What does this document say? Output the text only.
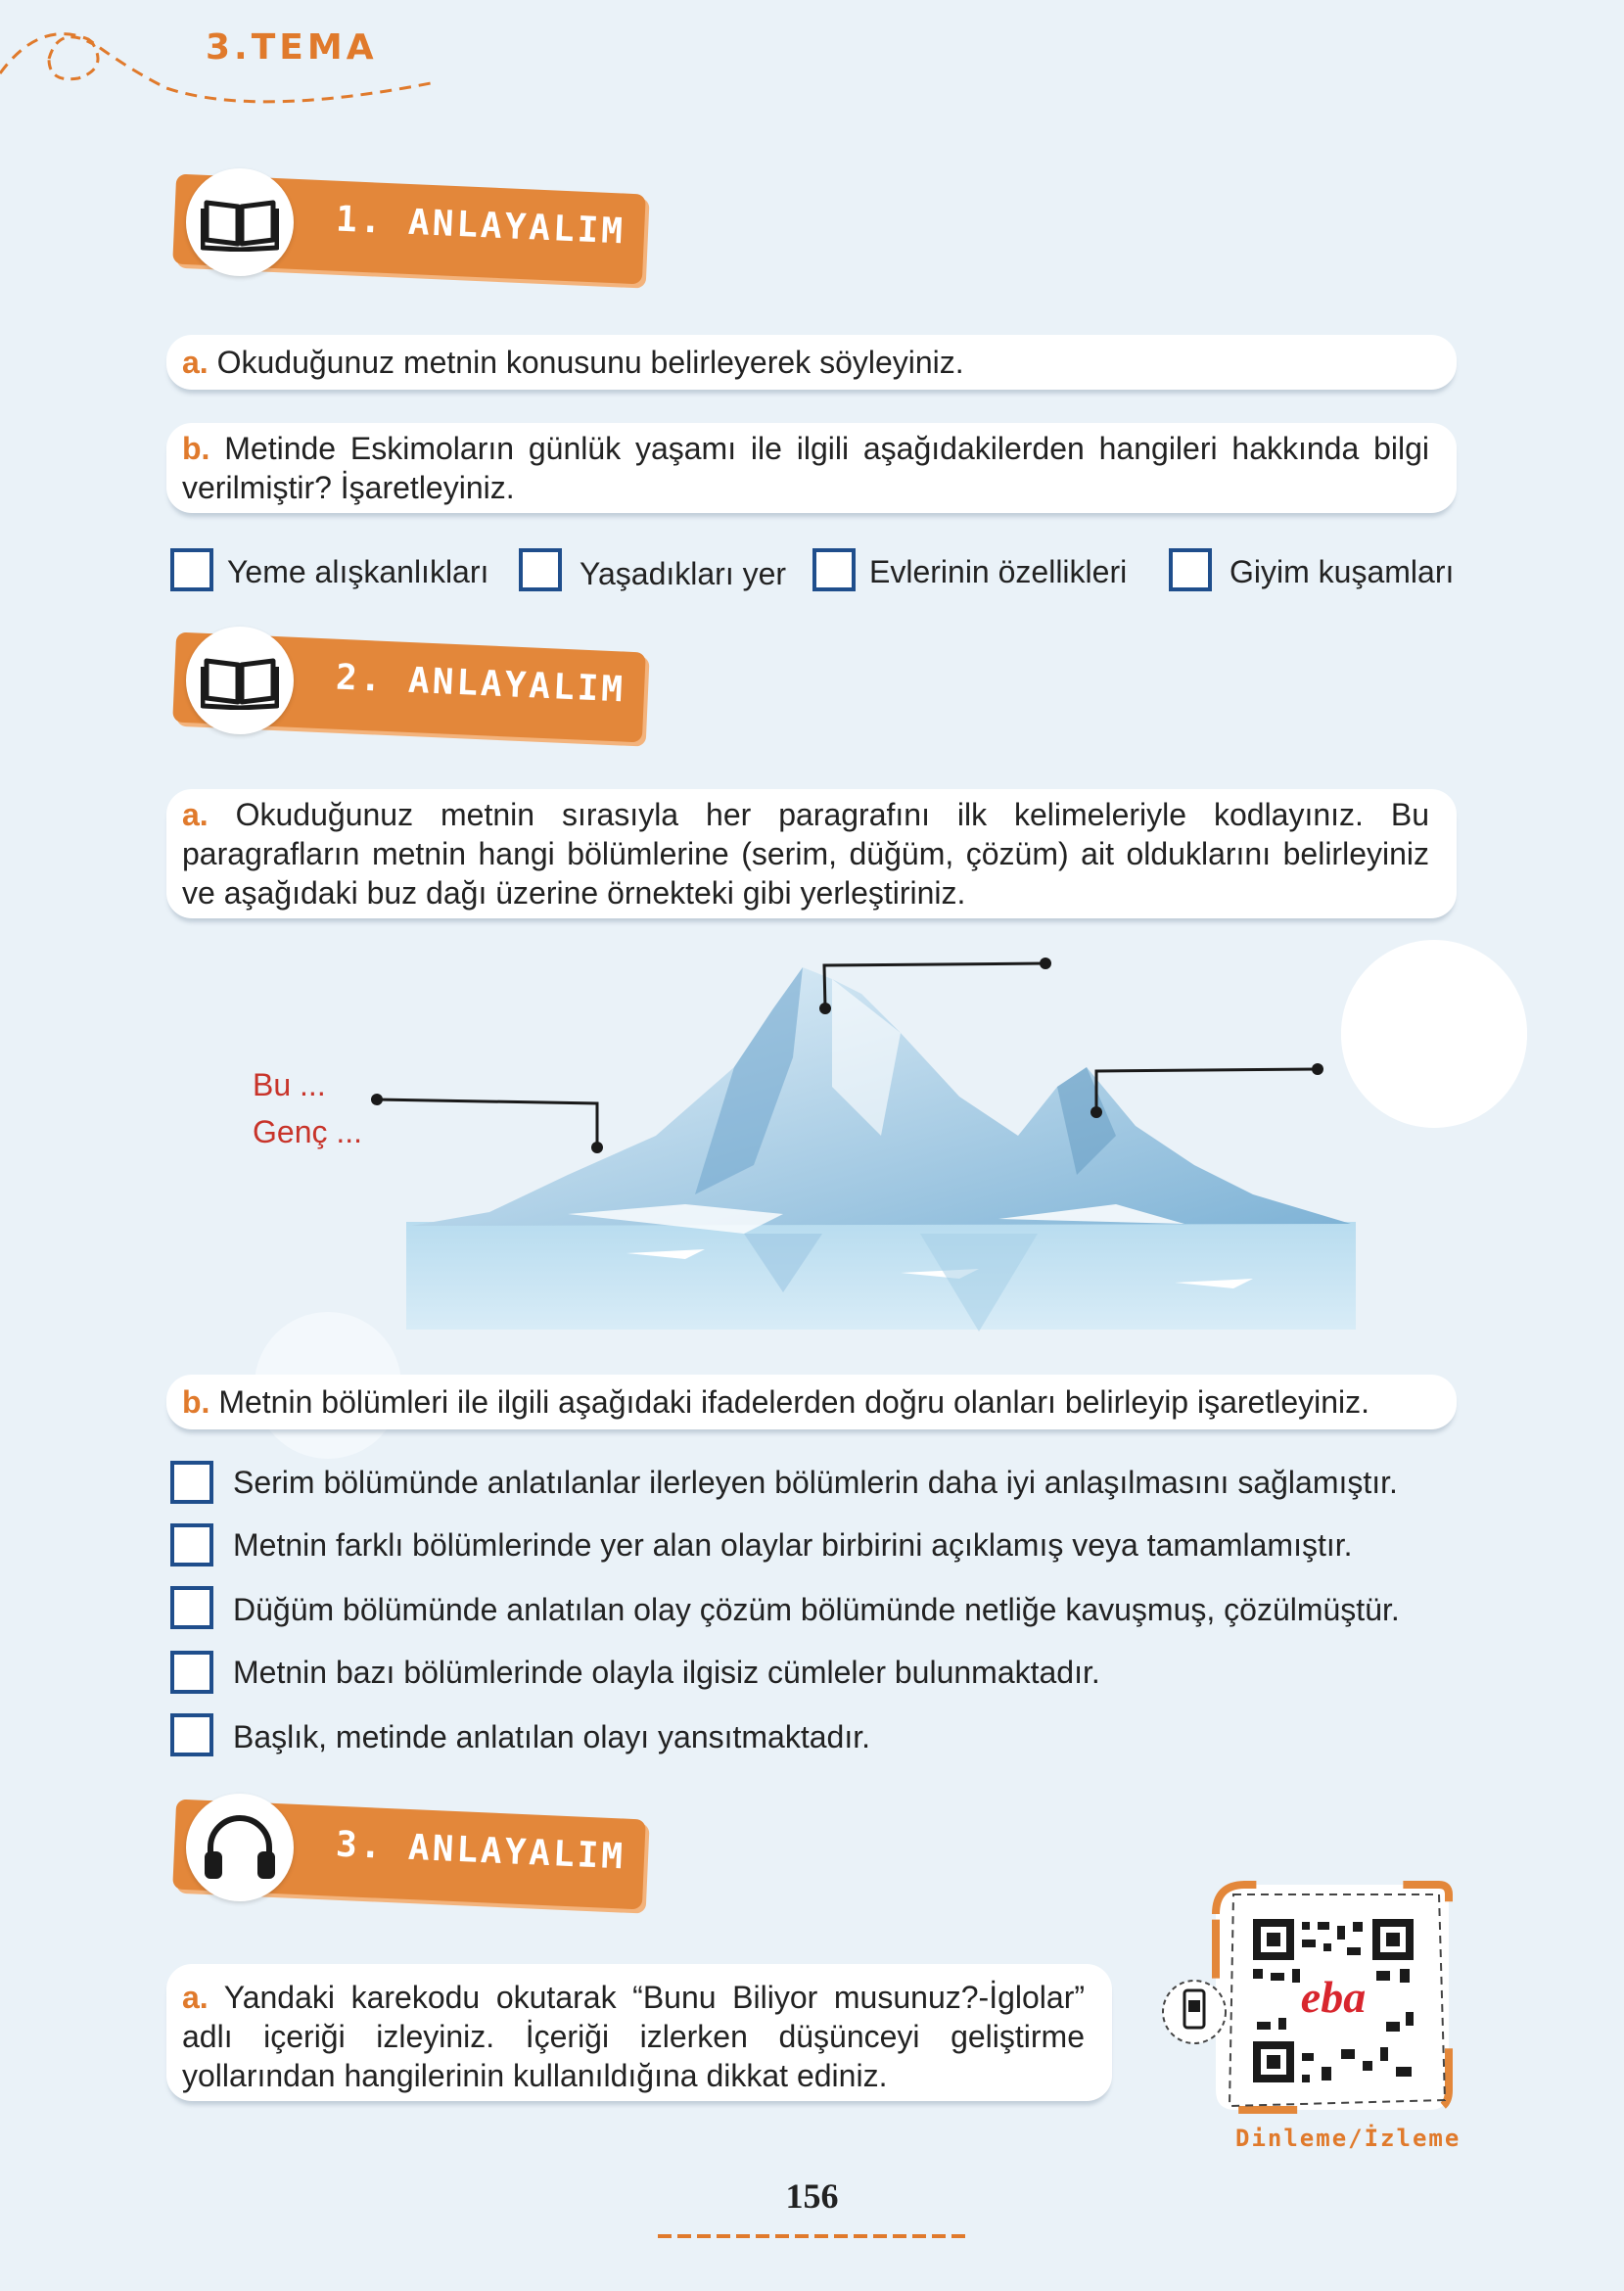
3.TEMA
1. ANLAYALIM
a. Okuduğunuz metnin konusunu belirleyerek söyleyiniz.
b. Metinde Eskimoların günlük yaşamı ile ilgili aşağıdakilerden hangileri hakkında bilgi verilmiştir? İşaretleyiniz.
Yeme alışkanlıkları	Yaşadıkları yer	Evlerinin özellikleri	Giyim kuşamları
2. ANLAYALIM
a. Okuduğunuz metnin sırasıyla her paragrafını ilk kelimeleriyle kodlayınız. Bu paragrafların metnin hangi bölümlerine (serim, düğüm, çözüm) ait olduklarını belirleyiniz ve aşağıdaki buz dağı üzerine örnekteki gibi yerleştiriniz.
Bu ...
Genç ...
b. Metnin bölümleri ile ilgili aşağıdaki ifadelerden doğru olanları belirleyip işaretleyiniz.
Serim bölümünde anlatılanlar ilerleyen bölümlerin daha iyi anlaşılmasını sağlamıştır.
Metnin farklı bölümlerinde yer alan olaylar birbirini açıklamış veya tamamlamıştır.
Düğüm bölümünde anlatılan olay çözüm bölümünde netliğe kavuşmuş, çözülmüştür.
Metnin bazı bölümlerinde olayla ilgisiz cümleler bulunmaktadır.
Başlık, metinde anlatılan olayı yansıtmaktadır.
3. ANLAYALIM
a. Yandaki karekodu okutarak “Bunu Biliyor musunuz?-İglolar” adlı içeriği izleyiniz. İçeriği izlerken düşünceyi geliştirme yollarından hangilerinin kullanıldığına dikkat ediniz.
eba
Dinleme/İzleme
156
